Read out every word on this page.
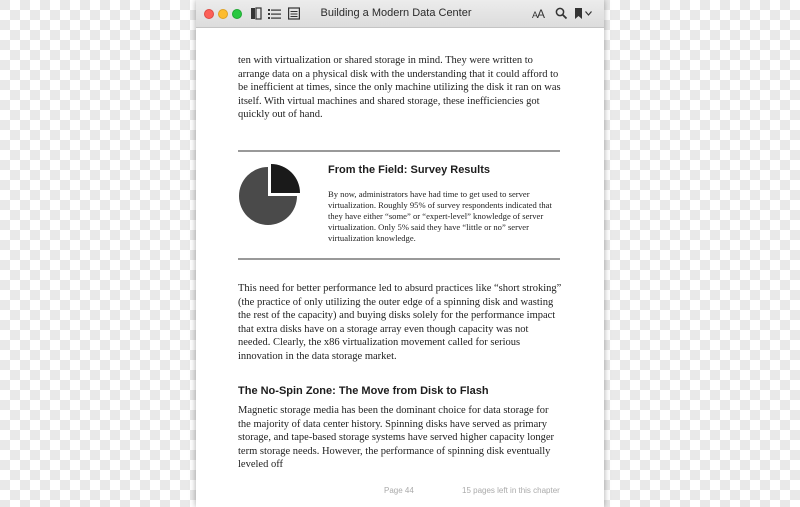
Building a Modern Data Center	AA

ten with virtualization or shared storage in mind. They were written to arrange data on a physical disk with the understanding that it could afford to be inefficient at times, since the only machine utilizing the disk it ran on was itself. With virtual machines and shared storage, these inefficiencies got quickly out of hand.

From the Field: Survey Results

By now, administrators have had time to get used to server virtualization. Roughly 95% of survey respondents indicated that they have either “some” or “expert-level” knowledge of server virtualization. Only 5% said they have “little or no” server virtualization knowledge.

This need for better performance led to absurd practices like “short stroking” (the practice of only utilizing the outer edge of a spinning disk and wasting the rest of the capacity) and buying disks solely for the performance impact that extra disks have on a storage array even though capacity was not needed. Clearly, the x86 virtualization movement called for serious innovation in the data storage market.

The No-Spin Zone: The Move from Disk to Flash

Magnetic storage media has been the dominant choice for data storage for the majority of data center history. Spinning disks have served as primary storage, and tape-based storage systems have served higher capacity longer term storage needs. However, the performance of spinning disk eventually leveled off

Page 44	15 pages left in this chapter
